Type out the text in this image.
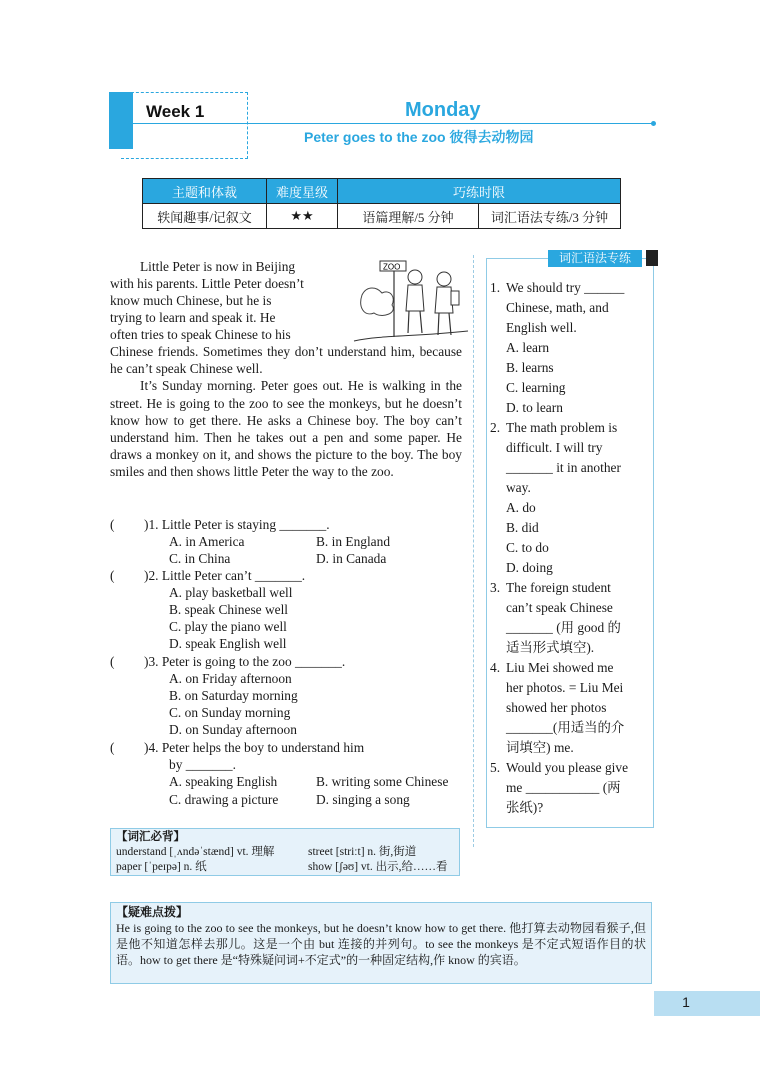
Week 1	Monday
Peter goes to the zoo 彼得去动物园
主题和体裁	难度星级	巧练时限	
轶闻趣事/记叙文	★★	语篇理解/5 分钟	词汇语法专练/3 分钟
Little Peter is now in Beijing
with his parents. Little Peter doesn’t
know much Chinese, but he is
trying to learn and speak it. He
often tries to speak Chinese to his
ZOO

Chinese friends. Sometimes they don’t understand him, because he can’t speak Chinese well.

It’s Sunday morning. Peter goes out. He is walking in the street. He is going to the zoo to see the monkeys, but he doesn’t know how to get there. He asks a Chinese boy. The boy can’t understand him. Then he takes out a pen and some paper. He draws a monkey on it, and shows the picture to the boy. The boy smiles and then shows little Peter the way to the zoo.

( )1. Little Peter is staying _______.
A. in America	B. in England
C. in China	D. in Canada
( )2. Little Peter can’t _______.
A. play basketball well
B. speak Chinese well
C. play the piano well
D. speak English well
( )3. Peter is going to the zoo _______.
A. on Friday afternoon
B. on Saturday morning
C. on Sunday morning
D. on Sunday afternoon
( )4. Peter helps the boy to understand him
by _______.
A. speaking English	B. writing some Chinese
C. drawing a picture	D. singing a song
词汇语法专练
1. We should try ______
Chinese, math, and
English well.
A. learn
B. learns
C. learning
D. to learn
2. The math problem is
difficult. I will try
_______ it in another
way.
A. do
B. did
C. to do
D. doing
3. The foreign student
can’t speak Chinese
_______ (用 good 的
适当形式填空).
4. Liu Mei showed me
her photos. = Liu Mei
showed her photos
_______(用适当的介
词填空) me.
5. Would you please give
me ___________ (两
张纸)?
【词汇必背】
understand [ˌʌndəˈstænd] vt. 理解	street [striːt] n. 街,街道
paper [ˈpeɪpə] n. 纸	show [ʃəʊ] vt. 出示,给……看
【疑难点拨】
He is going to the zoo to see the monkeys, but he doesn’t know how to get there. 他打算去动物园看猴子,但是他不知道怎样去那儿。这是一个由 but 连接的并列句。to see the monkeys 是不定式短语作目的状语。how to get there 是“特殊疑问词+不定式”的一种固定结构,作 know 的宾语。
1
